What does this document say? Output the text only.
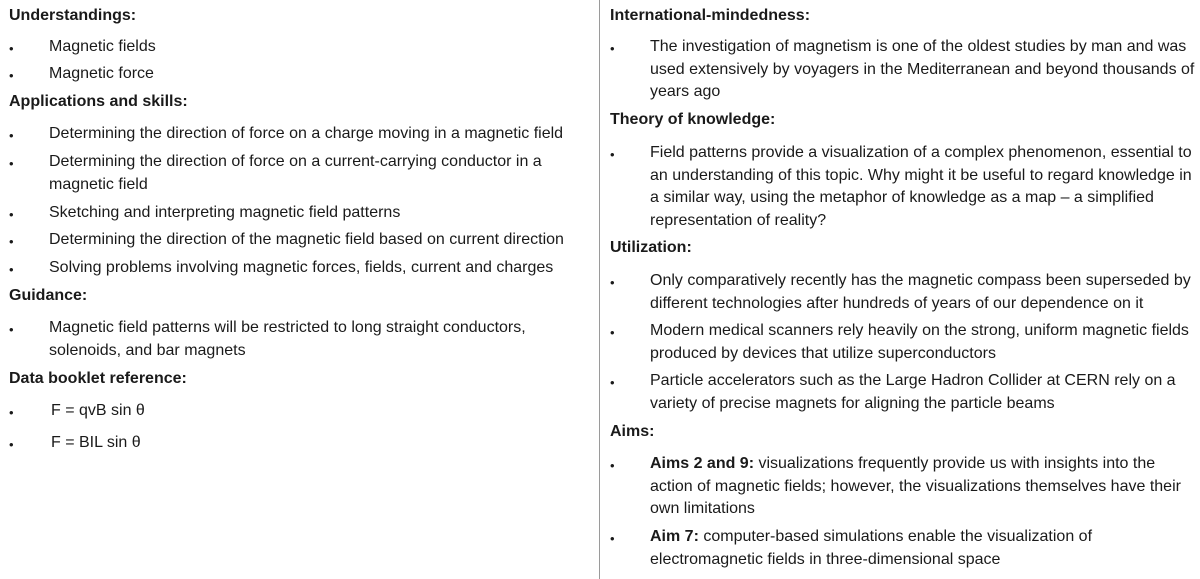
Understandings:
• Magnetic fields
• Magnetic force
Applications and skills:
• Determining the direction of force on a charge moving in a magnetic field
• Determining the direction of force on a current-carrying conductor in a magnetic field
• Sketching and interpreting magnetic field patterns
• Determining the direction of the magnetic field based on current direction
• Solving problems involving magnetic forces, fields, current and charges
Guidance:
• Magnetic field patterns will be restricted to long straight conductors, solenoids, and bar magnets
Data booklet reference:
• F = qvB sin θ
• F = BIL sin θ
International-mindedness:
• The investigation of magnetism is one of the oldest studies by man and was used extensively by voyagers in the Mediterranean and beyond thousands of years ago
Theory of knowledge:
• Field patterns provide a visualization of a complex phenomenon, essential to an understanding of this topic. Why might it be useful to regard knowledge in a similar way, using the metaphor of knowledge as a map – a simplified representation of reality?
Utilization:
• Only comparatively recently has the magnetic compass been superseded by different technologies after hundreds of years of our dependence on it
• Modern medical scanners rely heavily on the strong, uniform magnetic fields produced by devices that utilize superconductors
• Particle accelerators such as the Large Hadron Collider at CERN rely on a variety of precise magnets for aligning the particle beams
Aims:
• Aims 2 and 9: visualizations frequently provide us with insights into the action of magnetic fields; however, the visualizations themselves have their own limitations
• Aim 7: computer-based simulations enable the visualization of electromagnetic fields in three-dimensional space
